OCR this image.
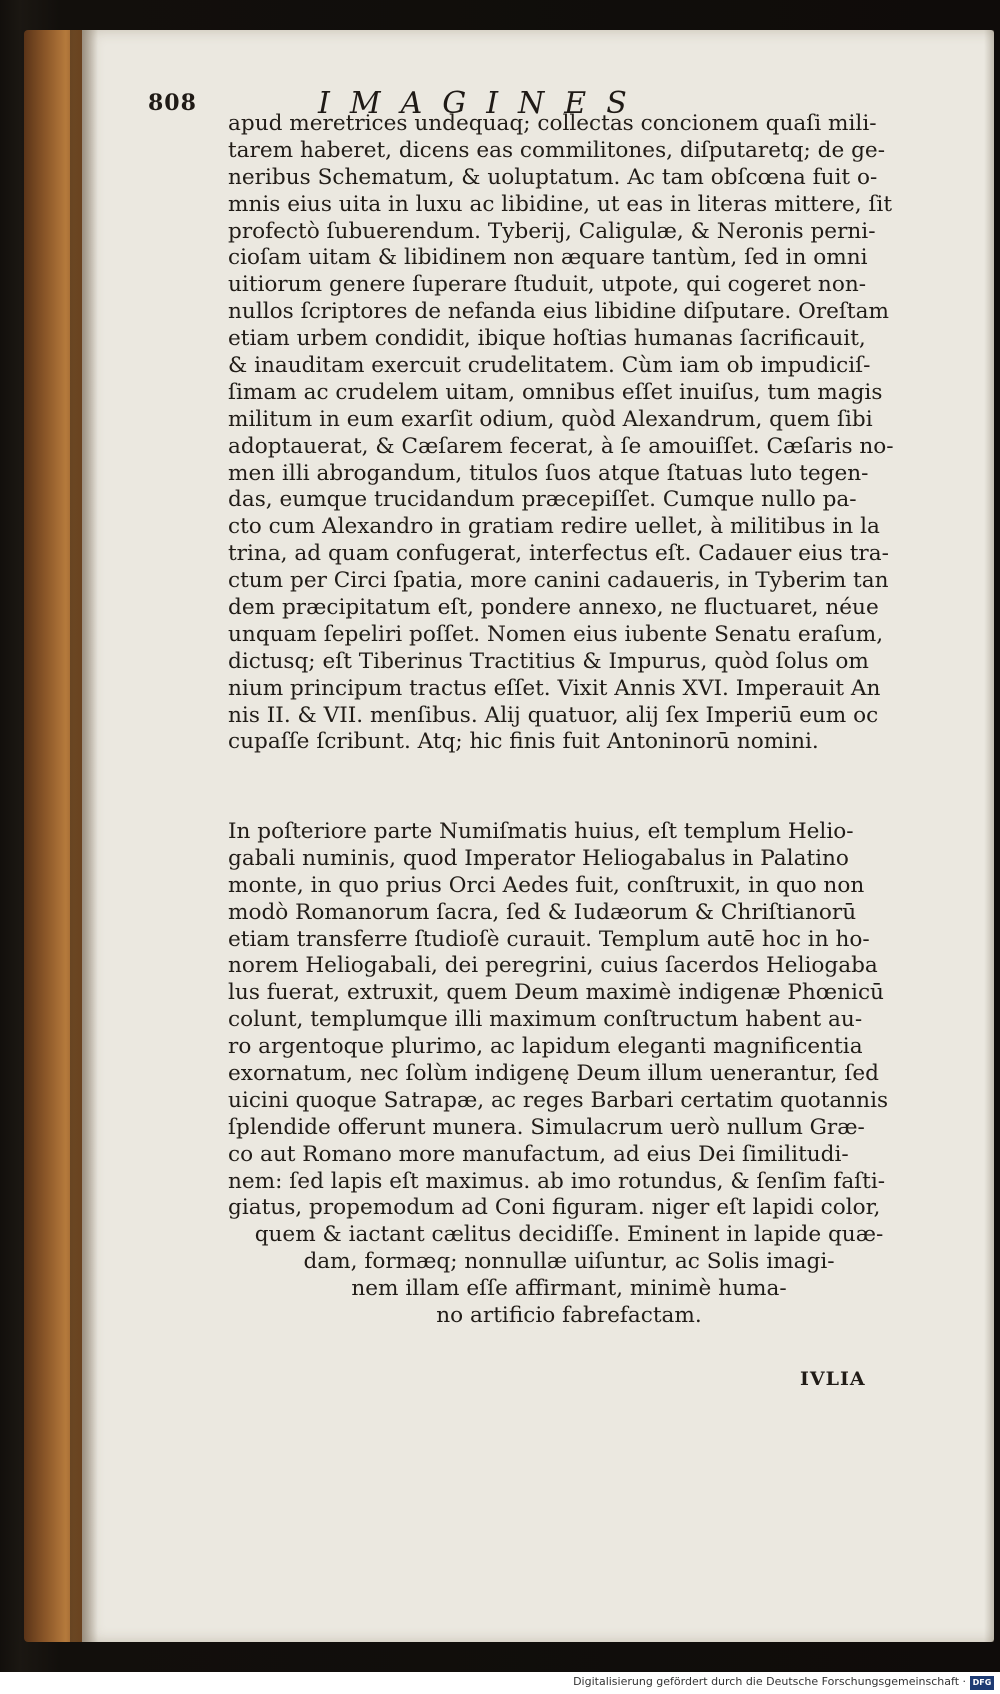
808	IMAGINES
apud meretrices undequaq; collectas concionem quaſi mili-
tarem haberet, dicens eas commilitones, diſputaretq; de ge-
neribus Schematum, & uoluptatum. Ac tam obſcœna fuit o-
mnis eius uita in luxu ac libidine, ut eas in literas mittere, ſit
profectò ſubuerendum. Tyberij, Caligulæ, & Neronis perni-
cioſam uitam & libidinem non æquare tantùm, ſed in omni
uitiorum genere ſuperare ſtuduit, utpote, qui cogeret non-
nullos ſcriptores de nefanda eius libidine diſputare. Oreſtam
etiam urbem condidit, ibique hoſtias humanas ſacrificauit,
& inauditam exercuit crudelitatem. Cùm iam ob impudiciſ-
ſimam ac crudelem uitam, omnibus eſſet inuiſus, tum magis
militum in eum exarſit odium, quòd Alexandrum, quem ſibi
adoptauerat, & Cæſarem fecerat, à ſe amouiſſet. Cæſaris no-
men illi abrogandum, titulos ſuos atque ſtatuas luto tegen-
das, eumque trucidandum præcepiſſet. Cumque nullo pa-
cto cum Alexandro in gratiam redire uellet, à militibus in la
trina, ad quam confugerat, interfectus eſt. Cadauer eius tra-
ctum per Circi ſpatia, more canini cadaueris, in Tyberim tan
dem præcipitatum eſt, pondere annexo, ne fluctuaret, néue
unquam ſepeliri poſſet. Nomen eius iubente Senatu eraſum,
dictusq; eſt Tiberinus Tractitius & Impurus, quòd ſolus om
nium principum tractus eſſet. Vixit Annis XVI. Imperauit An
nis II. & VII. menſibus. Alij quatuor, alij ſex Imperiū eum oc
cupaſſe ſcribunt. Atq; hic finis fuit Antoninorū nomini.
In poſteriore parte Numiſmatis huius, eſt templum Helio-
gabali numinis, quod Imperator Heliogabalus in Palatino
monte, in quo prius Orci Aedes fuit, conſtruxit, in quo non
modò Romanorum ſacra, ſed & Iudæorum & Chriſtianorū
etiam transferre ſtudioſè curauit. Templum autē hoc in ho-
norem Heliogabali, dei peregrini, cuius ſacerdos Heliogaba
lus fuerat, extruxit, quem Deum maximè indigenæ Phœnicū
colunt, templumque illi maximum conſtructum habent au-
ro argentoque plurimo, ac lapidum eleganti magnificentia
exornatum, nec ſolùm indigenę Deum illum uenerantur, ſed
uicini quoque Satrapæ, ac reges Barbari certatim quotannis
ſplendide offerunt munera. Simulacrum uerò nullum Græ-
co aut Romano more manufactum, ad eius Dei ſimilitudi-
nem: ſed lapis eſt maximus. ab imo rotundus, & ſenſim faſti-
giatus, propemodum ad Coni figuram. niger eſt lapidi color,
quem & iactant cælitus decidiſſe. Eminent in lapide quæ-
dam, formæq; nonnullæ uiſuntur, ac Solis imagi-
nem illam eſſe affirmant, minimè huma-
no artificio fabrefactam.
IVLIA
Digitalisierung gefördert durch die Deutsche Forschungsgemeinschaft · DFG
